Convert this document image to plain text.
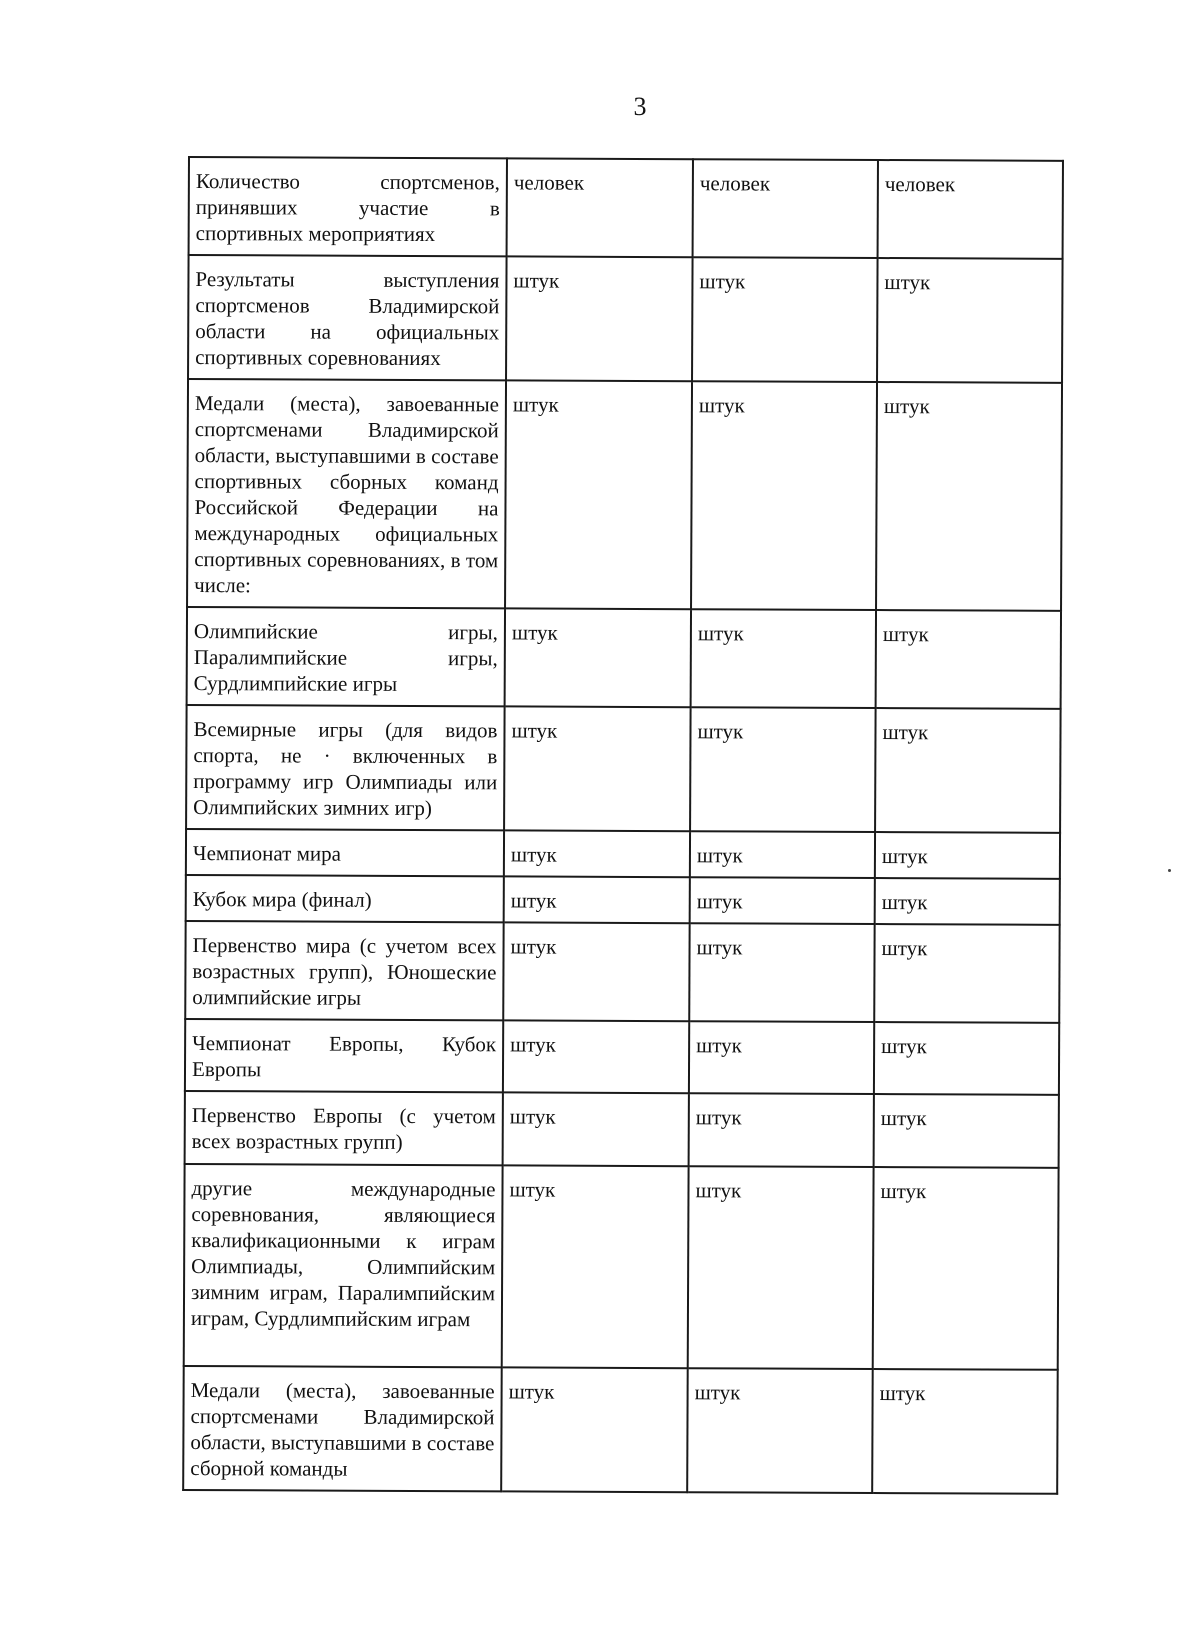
3
Количество спортсменов, принявших участие в спортивных мероприятиях	человек	человек	человек
Результаты выступления спортсменов Владимирской области на официальных спортивных соревнованиях	штук	штук	штук
Медали (места), завоеванные спортсменами Владимирской области, выступавшими в составе спортивных сборных команд Российской Федерации на международных официальных спортивных соревнованиях, в том числе:	штук	штук	штук
Олимпийские игры, Паралимпийские игры, Сурдлимпийские игры	штук	штук	штук
Всемирные игры (для видов спорта, не · включенных в программу игр Олимпиады или Олимпийских зимних игр)	штук	штук	штук
Чемпионат мира	штук	штук	штук
Кубок мира (финал)	штук	штук	штук
Первенство мира (с учетом всех возрастных групп), Юношеские олимпийские игры	штук	штук	штук
Чемпионат Европы, Кубок Европы	штук	штук	штук
Первенство Европы (с учетом всех возрастных групп)	штук	штук	штук
другие международные соревнования, являющиеся квалификационными к играм Олимпиады, Олимпийским зимним играм, Паралимпийским играм, Сурдлимпийским играм	штук	штук	штук
Медали (места), завоеванные спортсменами Владимирской области, выступавшими в составе сборной команды	штук	штук	штук
